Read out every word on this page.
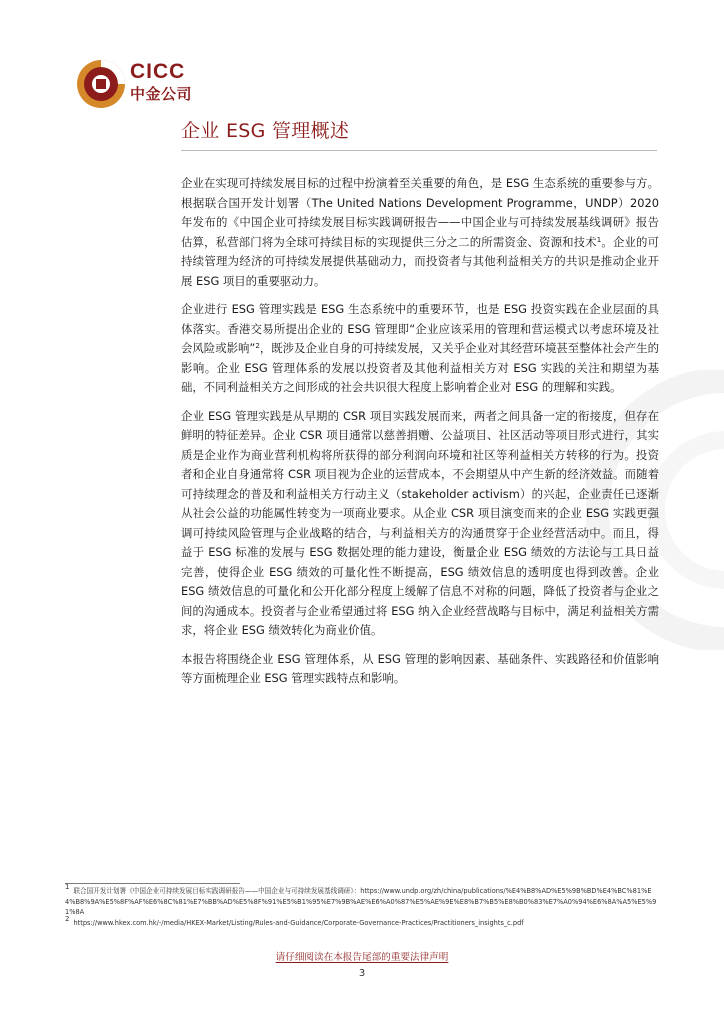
CICC
中金公司
企业 ESG 管理概述

企业在实现可持续发展目标的过程中扮演着至关重要的角色，是 ESG 生态系统的重要参与方。根据联合国开发计划署（The United Nations Development Programme，UNDP）2020 年发布的《中国企业可持续发展目标实践调研报告——中国企业与可持续发展基线调研》报告估算，私营部门将为全球可持续目标的实现提供三分之二的所需资金、资源和技术$^1$。企业的可持续管理为经济的可持续发展提供基础动力，而投资者与其他利益相关方的共识是推动企业开展 ESG 项目的重要驱动力。

企业进行 ESG 管理实践是 ESG 生态系统中的重要环节，也是 ESG 投资实践在企业层面的具体落实。香港交易所提出企业的 ESG 管理即“企业应该采用的管理和营运模式以考虑环境及社会风险或影响”$^2$，既涉及企业自身的可持续发展，又关乎企业对其经营环境甚至整体社会产生的影响。企业 ESG 管理体系的发展以投资者及其他利益相关方对 ESG 实践的关注和期望为基础，不同利益相关方之间形成的社会共识很大程度上影响着企业对 ESG 的理解和实践。

企业 ESG 管理实践是从早期的 CSR 项目实践发展而来，两者之间具备一定的衔接度，但存在鲜明的特征差异。企业 CSR 项目通常以慈善捐赠、公益项目、社区活动等项目形式进行，其实质是企业作为商业营利机构将所获得的部分利润向环境和社区等利益相关方转移的行为。投资者和企业自身通常将 CSR 项目视为企业的运营成本，不会期望从中产生新的经济效益。而随着可持续理念的普及和利益相关方行动主义（stakeholder activism）的兴起，企业责任已逐渐从社会公益的功能属性转变为一项商业要求。从企业 CSR 项目演变而来的企业 ESG 实践更强调可持续风险管理与企业战略的结合，与利益相关方的沟通贯穿于企业经营活动中。而且，得益于 ESG 标准的发展与 ESG 数据处理的能力建设，衡量企业 ESG 绩效的方法论与工具日益完善，使得企业 ESG 绩效的可量化性不断提高，ESG 绩效信息的透明度也得到改善。企业 ESG 绩效信息的可量化和公开化部分程度上缓解了信息不对称的问题，降低了投资者与企业之间的沟通成本。投资者与企业希望通过将 ESG 纳入企业经营战略与目标中，满足利益相关方需求，将企业 ESG 绩效转化为商业价值。

本报告将围绕企业 ESG 管理体系，从 ESG 管理的影响因素、基础条件、实践路径和价值影响等方面梳理企业 ESG 管理实践特点和影响。

$^1$ 联合国开发计划署《中国企业可持续发展目标实践调研报告——中国企业与可持续发展基线调研》：https://www.undp.org/zh/china/publications/%E4%B8%AD%E5%9B%BD%E4%BC%81%E4%B8%9A%E5%8F%AF%E6%8C%81%E7%BB%AD%E5%8F%91%E5%B1%95%E7%9B%AE%E6%A0%87%E5%AE%9E%E8%B7%B5%E8%B0%83%E7%A0%94%E6%8A%A5%E5%91%8A

$^2$ https://www.hkex.com.hk/-/media/HKEX-Market/Listing/Rules-and-Guidance/Corporate-Governance-Practices/Practitioners_insights_c.pdf

请仔细阅读在本报告尾部的重要法律声明
3
